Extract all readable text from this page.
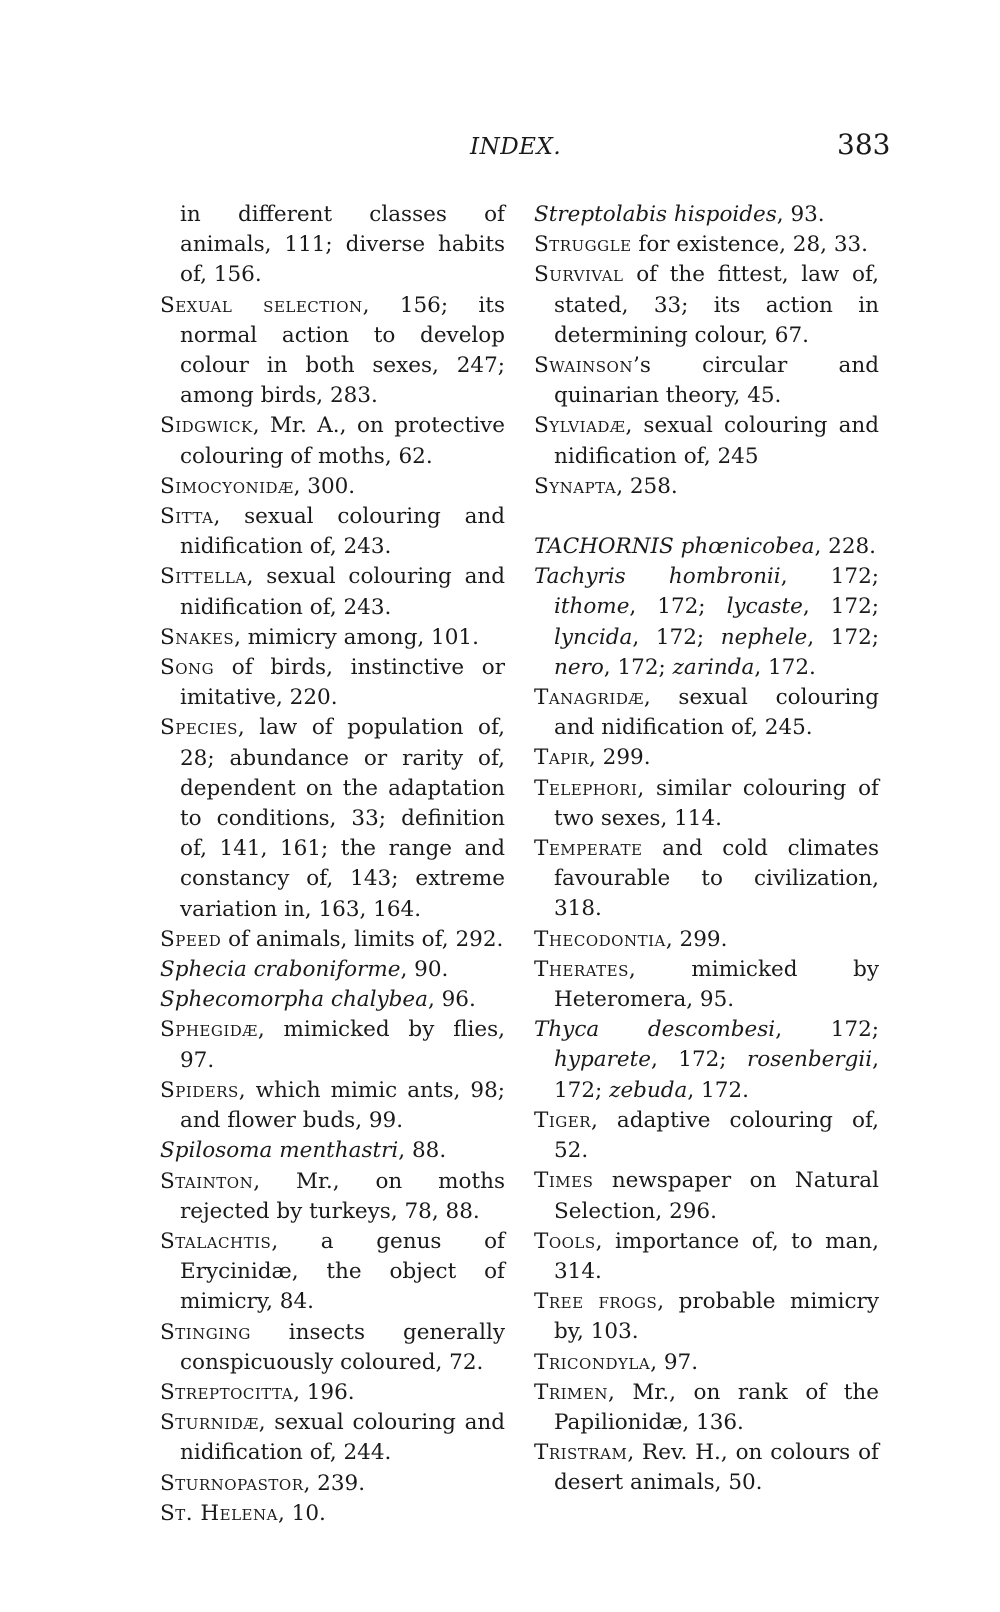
INDEX.	383
in different classes of animals, 111; diverse habits of, 156.
Sexual selection, 156; its normal action to develop colour in both sexes, 247; among birds, 283.
Sidgwick, Mr. A., on protective colouring of moths, 62.
Simocyonidæ, 300.
Sitta, sexual colouring and nidification of, 243.
Sittella, sexual colouring and nidification of, 243.
Snakes, mimicry among, 101.
Song of birds, instinctive or imitative, 220.
Species, law of population of, 28; abundance or rarity of, dependent on the adaptation to conditions, 33; definition of, 141, 161; the range and constancy of, 143; extreme variation in, 163, 164.
Speed of animals, limits of, 292.
Sphecia craboniforme, 90.
Sphecomorpha chalybea, 96.
Sphegidæ, mimicked by flies, 97.
Spiders, which mimic ants, 98; and flower buds, 99.
Spilosoma menthastri, 88.
Stainton, Mr., on moths rejected by turkeys, 78, 88.
Stalachtis, a genus of Erycinidæ, the object of mimicry, 84.
Stinging insects generally conspicuously coloured, 72.
Streptocitta, 196.
Sturnidæ, sexual colouring and nidification of, 244.
Sturnopastor, 239.
St. Helena, 10.
Streptolabis hispoides, 93.
Struggle for existence, 28, 33.
Survival of the fittest, law of, stated, 33; its action in determining colour, 67.
Swainson’s circular and quinarian theory, 45.
Sylviadæ, sexual colouring and nidification of, 245
Synapta, 258.
TACHORNIS phœnicobea, 228.
Tachyris hombronii, 172; ithome, 172; lycaste, 172; lyncida, 172; nephele, 172; nero, 172; zarinda, 172.
Tanagridæ, sexual colouring and nidification of, 245.
Tapir, 299.
Telephori, similar colouring of two sexes, 114.
Temperate and cold climates favourable to civilization, 318.
Thecodontia, 299.
Therates, mimicked by Heteromera, 95.
Thyca descombesi, 172; hyparete, 172; rosenbergii, 172; zebuda, 172.
Tiger, adaptive colouring of, 52.
Times newspaper on Natural Selection, 296.
Tools, importance of, to man, 314.
Tree frogs, probable mimicry by, 103.
Tricondyla, 97.
Trimen, Mr., on rank of the Papilionidæ, 136.
Tristram, Rev. H., on colours of desert animals, 50.
